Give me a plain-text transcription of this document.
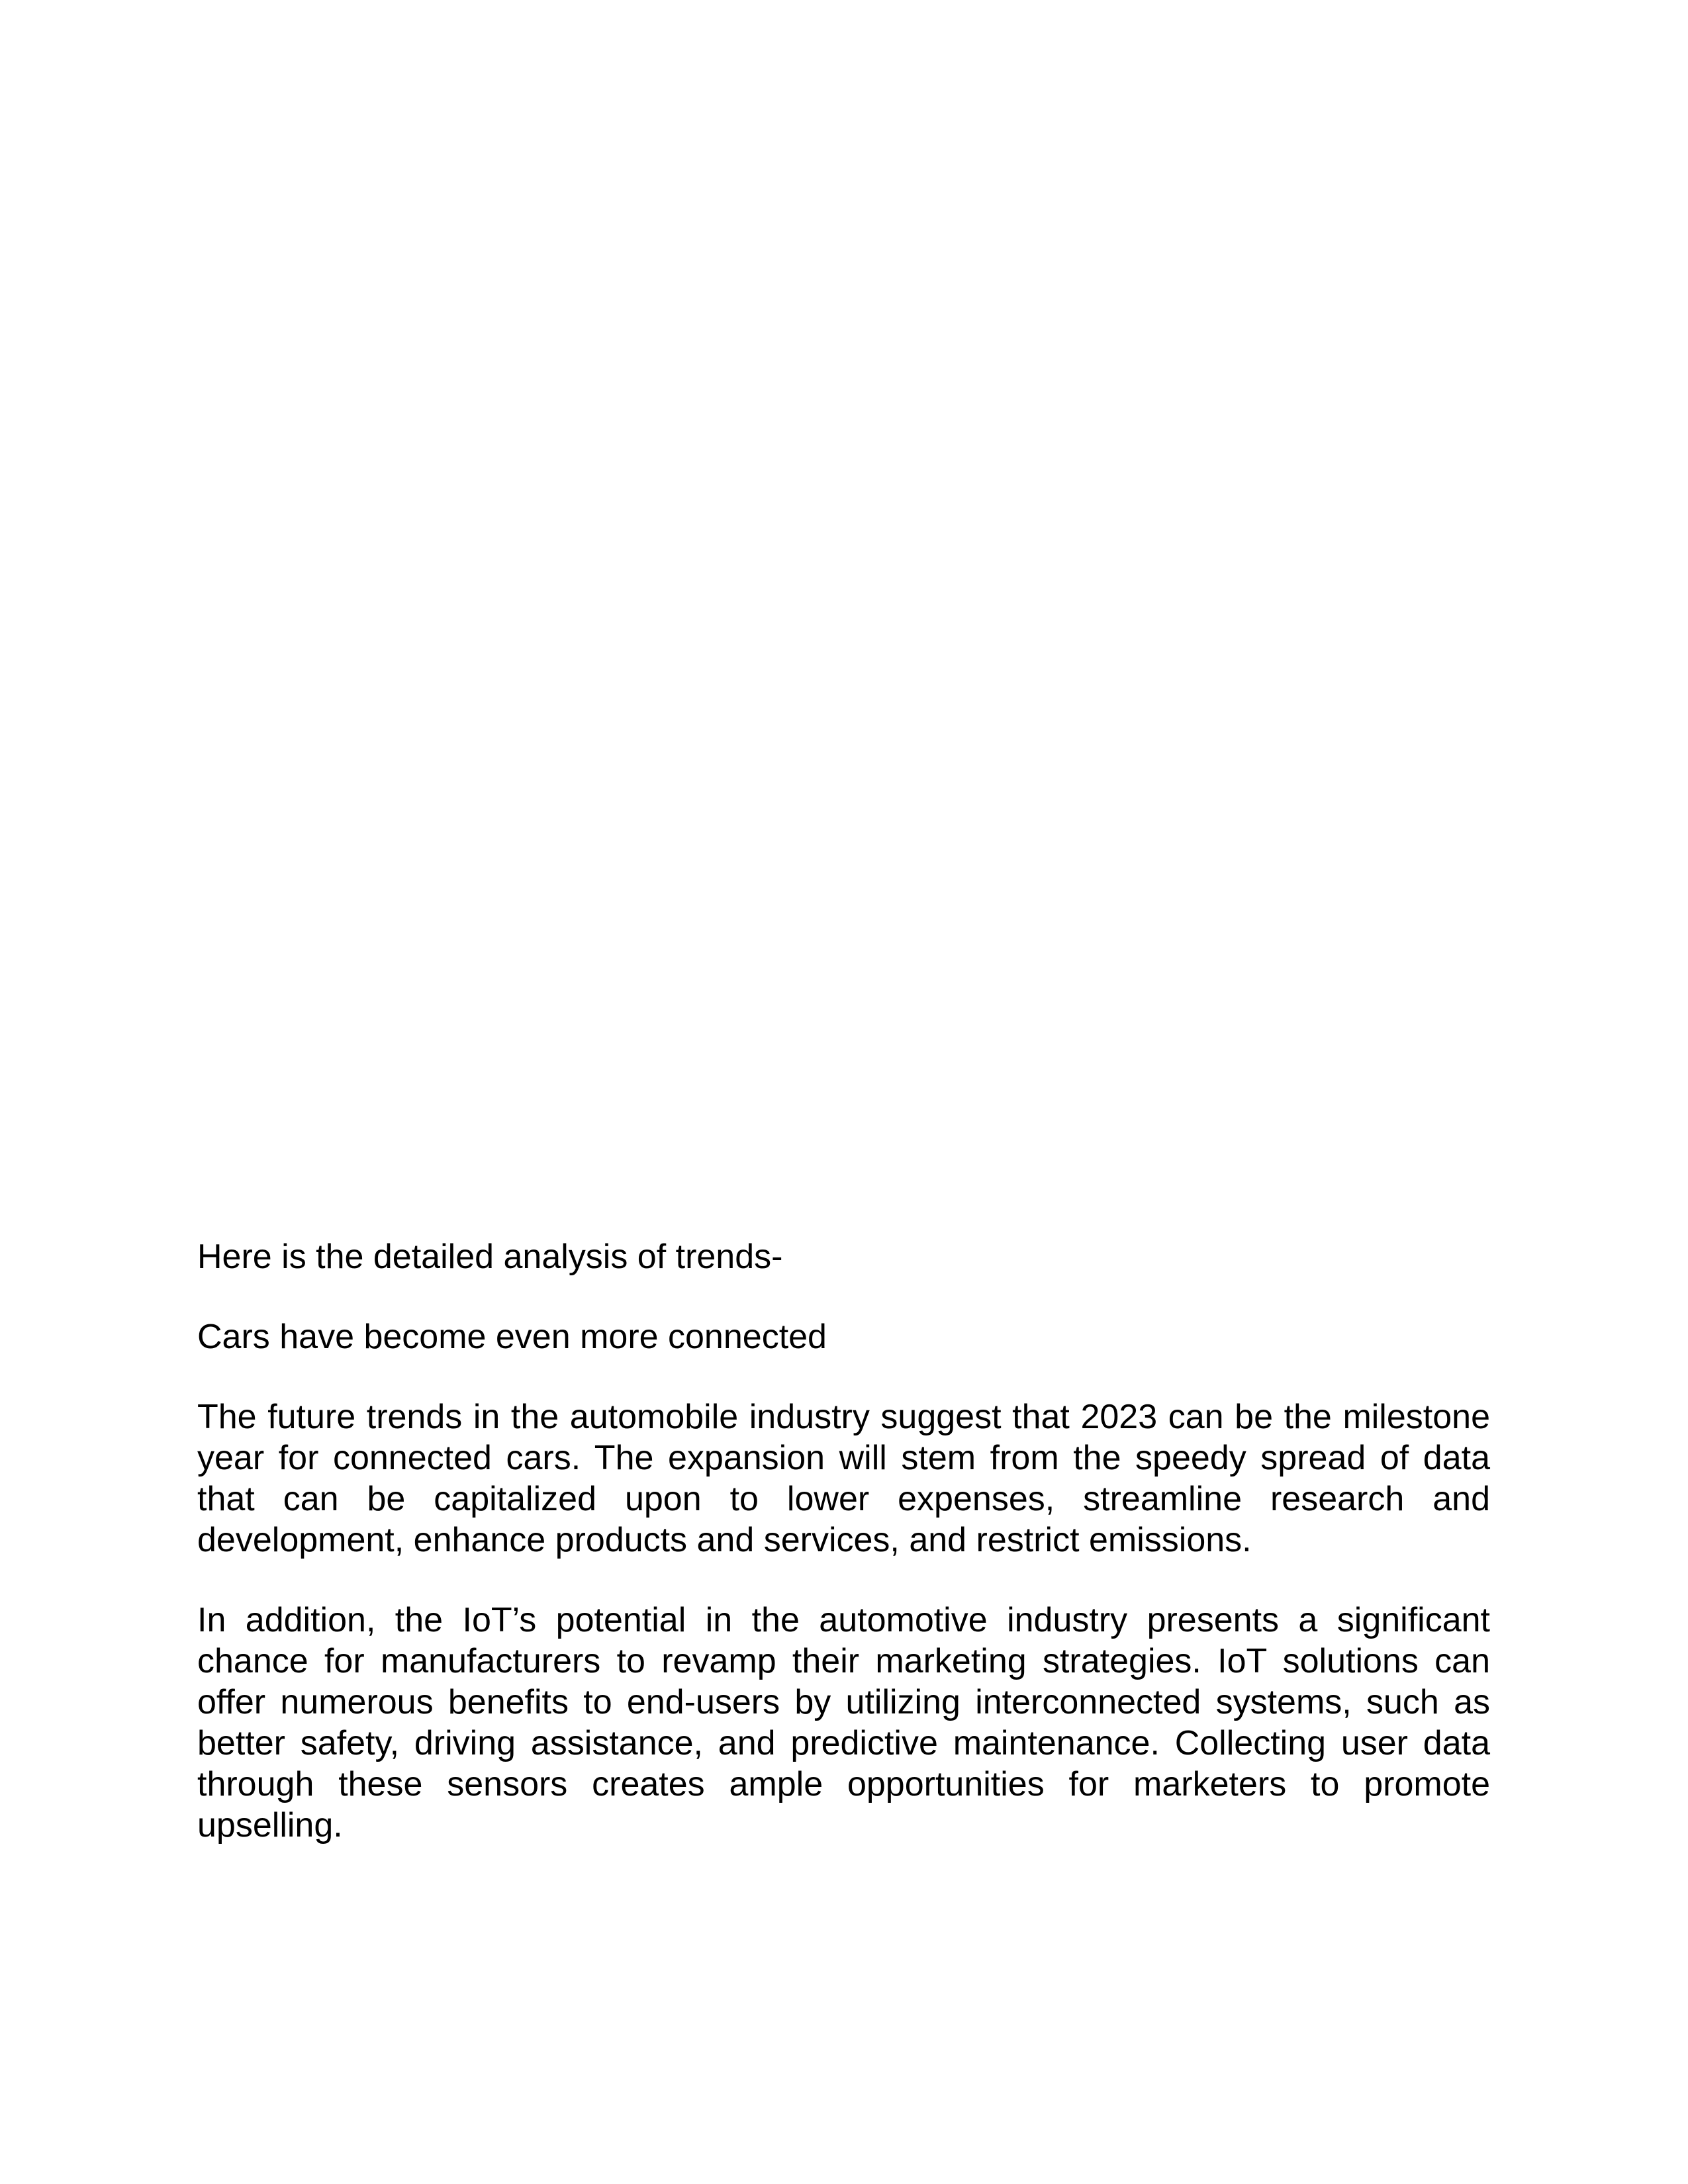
Here is the detailed analysis of trends-

Cars have become even more connected

The future trends in the automobile industry suggest that 2023 can be the milestone year for connected cars. The expansion will stem from the speedy spread of data that can be capitalized upon to lower expenses, streamline research and development, enhance products and services, and restrict emissions.

In addition, the IoT’s potential in the automotive industry presents a significant chance for manufacturers to revamp their marketing strategies. IoT solutions can offer numerous benefits to end-users by utilizing interconnected systems, such as better safety, driving assistance, and predictive maintenance. Collecting user data through these sensors creates ample opportunities for marketers to promote upselling.
